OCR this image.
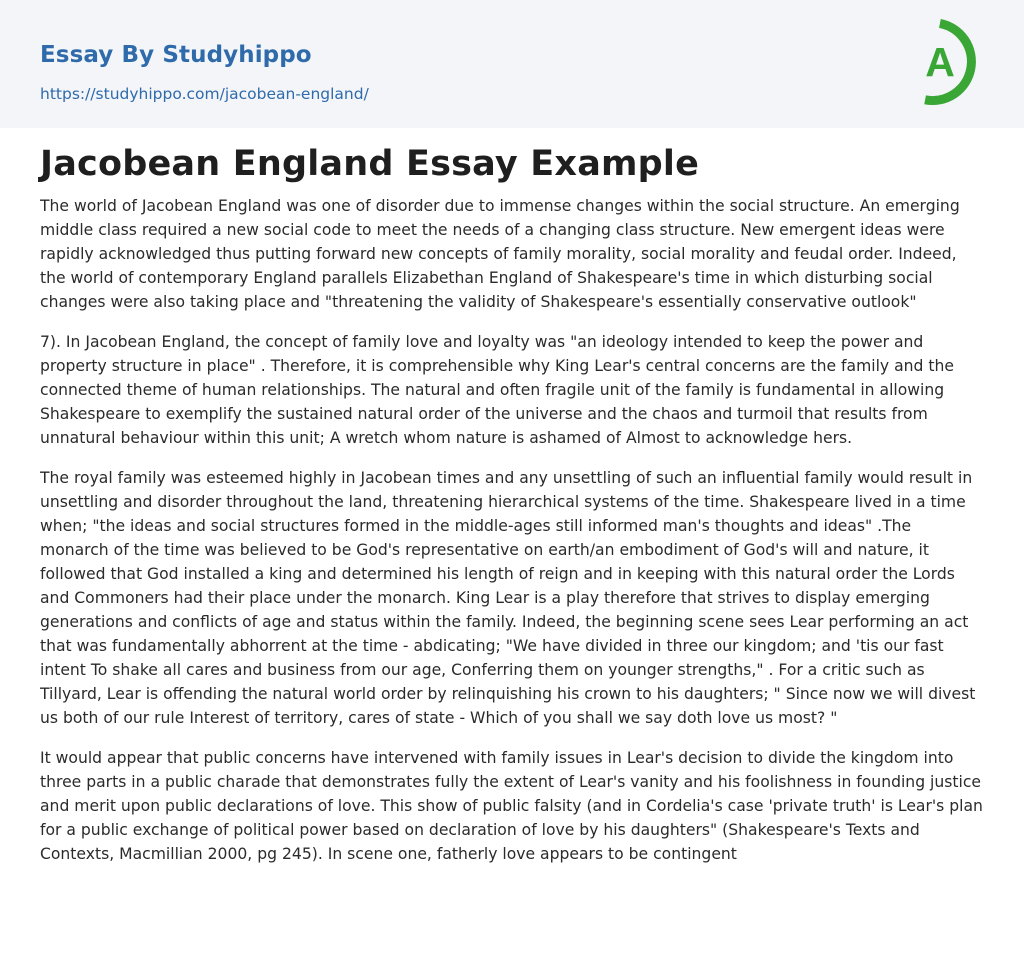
Essay By Studyhippo
https://studyhippo.com/jacobean-england/
A
Jacobean England Essay Example

The world of Jacobean England was one of disorder due to immense changes within the social structure. An emerging middle class required a new social code to meet the needs of a changing class structure. New emergent ideas were rapidly acknowledged thus putting forward new concepts of family morality, social morality and feudal order. Indeed, the world of contemporary England parallels Elizabethan England of Shakespeare's time in which disturbing social changes were also taking place and "threatening the validity of Shakespeare's essentially conservative outlook"

7). In Jacobean England, the concept of family love and loyalty was "an ideology intended to keep the power and property structure in place" . Therefore, it is comprehensible why King Lear's central concerns are the family and the connected theme of human relationships. The natural and often fragile unit of the family is fundamental in allowing Shakespeare to exemplify the sustained natural order of the universe and the chaos and turmoil that results from unnatural behaviour within this unit; A wretch whom nature is ashamed of Almost to acknowledge hers.

The royal family was esteemed highly in Jacobean times and any unsettling of such an influential family would result in unsettling and disorder throughout the land, threatening hierarchical systems of the time. Shakespeare lived in a time when; "the ideas and social structures formed in the middle-ages still informed man's thoughts and ideas" .The monarch of the time was believed to be God's representative on earth/an embodiment of God's will and nature, it followed that God installed a king and determined his length of reign and in keeping with this natural order the Lords and Commoners had their place under the monarch. King Lear is a play therefore that strives to display emerging generations and conflicts of age and status within the family. Indeed, the beginning scene sees Lear performing an act that was fundamentally abhorrent at the time - abdicating; "We have divided in three our kingdom; and 'tis our fast intent To shake all cares and business from our age, Conferring them on younger strengths," . For a critic such as Tillyard, Lear is offending the natural world order by relinquishing his crown to his daughters; " Since now we will divest us both of our rule Interest of territory, cares of state - Which of you shall we say doth love us most? "

It would appear that public concerns have intervened with family issues in Lear's decision to divide the kingdom into three parts in a public charade that demonstrates fully the extent of Lear's vanity and his foolishness in founding justice and merit upon public declarations of love. This show of public falsity (and in Cordelia's case 'private truth' is Lear's plan for a public exchange of political power based on declaration of love by his daughters" (Shakespeare's Texts and Contexts, Macmillian 2000, pg 245). In scene one, fatherly love appears to be contingent
